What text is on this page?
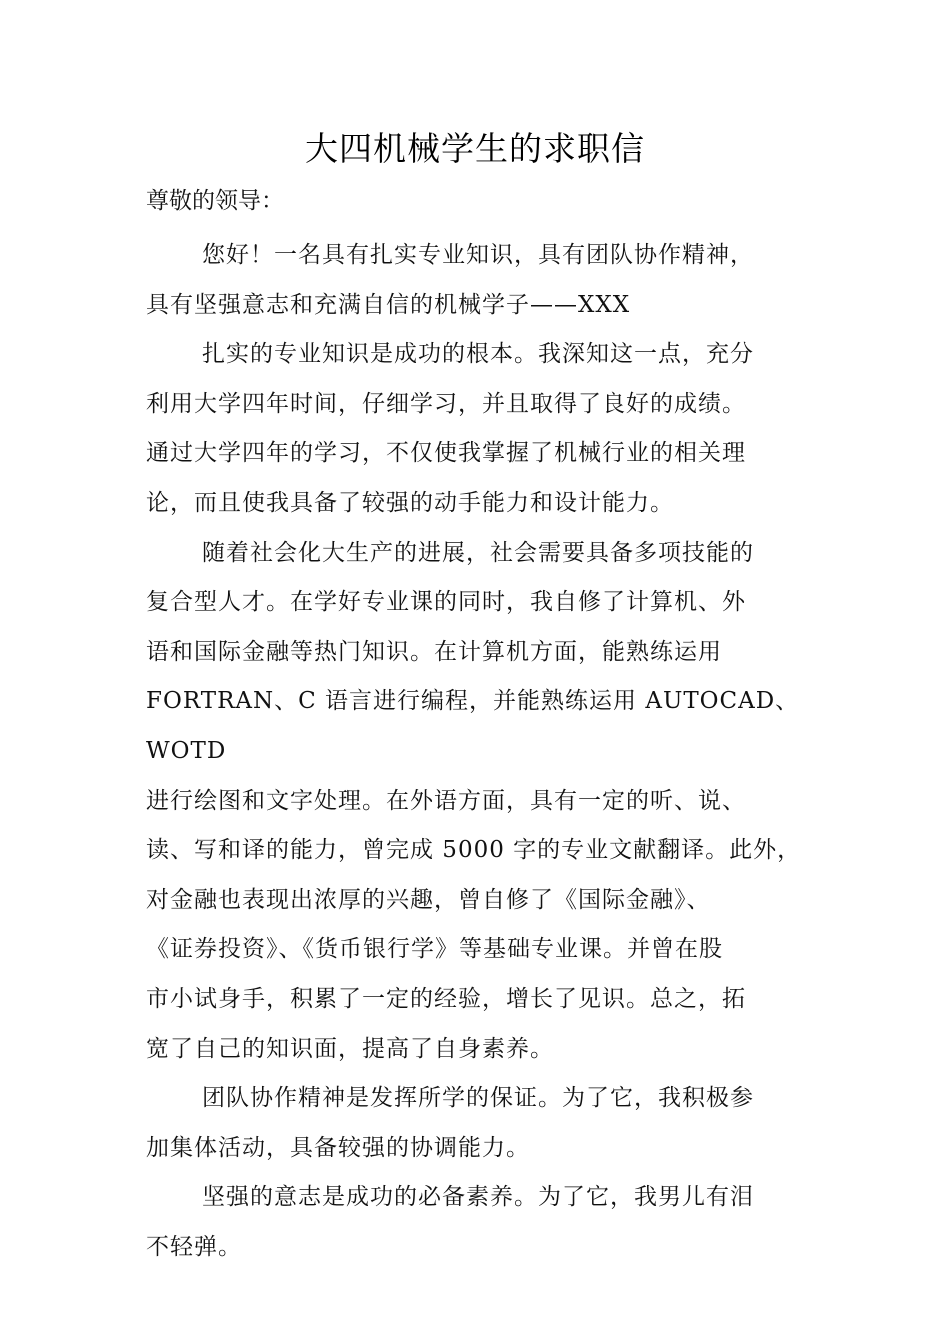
大四机械学生的求职信

尊敬的领导：

您好！一名具有扎实专业知识，具有团队协作精神，

具有坚强意志和充满自信的机械学子——XXX

扎实的专业知识是成功的根本。我深知这一点，充分

利用大学四年时间，仔细学习，并且取得了良好的成绩。

通过大学四年的学习，不仅使我掌握了机械行业的相关理

论，而且使我具备了较强的动手能力和设计能力。

随着社会化大生产的进展，社会需要具备多项技能的

复合型人才。在学好专业课的同时，我自修了计算机、外

语和国际金融等热门知识。在计算机方面，能熟练运用

FORTRAN、C 语言进行编程，并能熟练运用 AUTOCAD、WOTD

进行绘图和文字处理。在外语方面，具有一定的听、说、

读、写和译的能力，曾完成 5000 字的专业文献翻译。此外，

对金融也表现出浓厚的兴趣，曾自修了《国际金融》、

《证券投资》、《货币银行学》等基础专业课。并曾在股

市小试身手，积累了一定的经验，增长了见识。总之，拓

宽了自己的知识面，提高了自身素养。

团队协作精神是发挥所学的保证。为了它，我积极参

加集体活动，具备较强的协调能力。

坚强的意志是成功的必备素养。为了它，我男儿有泪

不轻弹。
